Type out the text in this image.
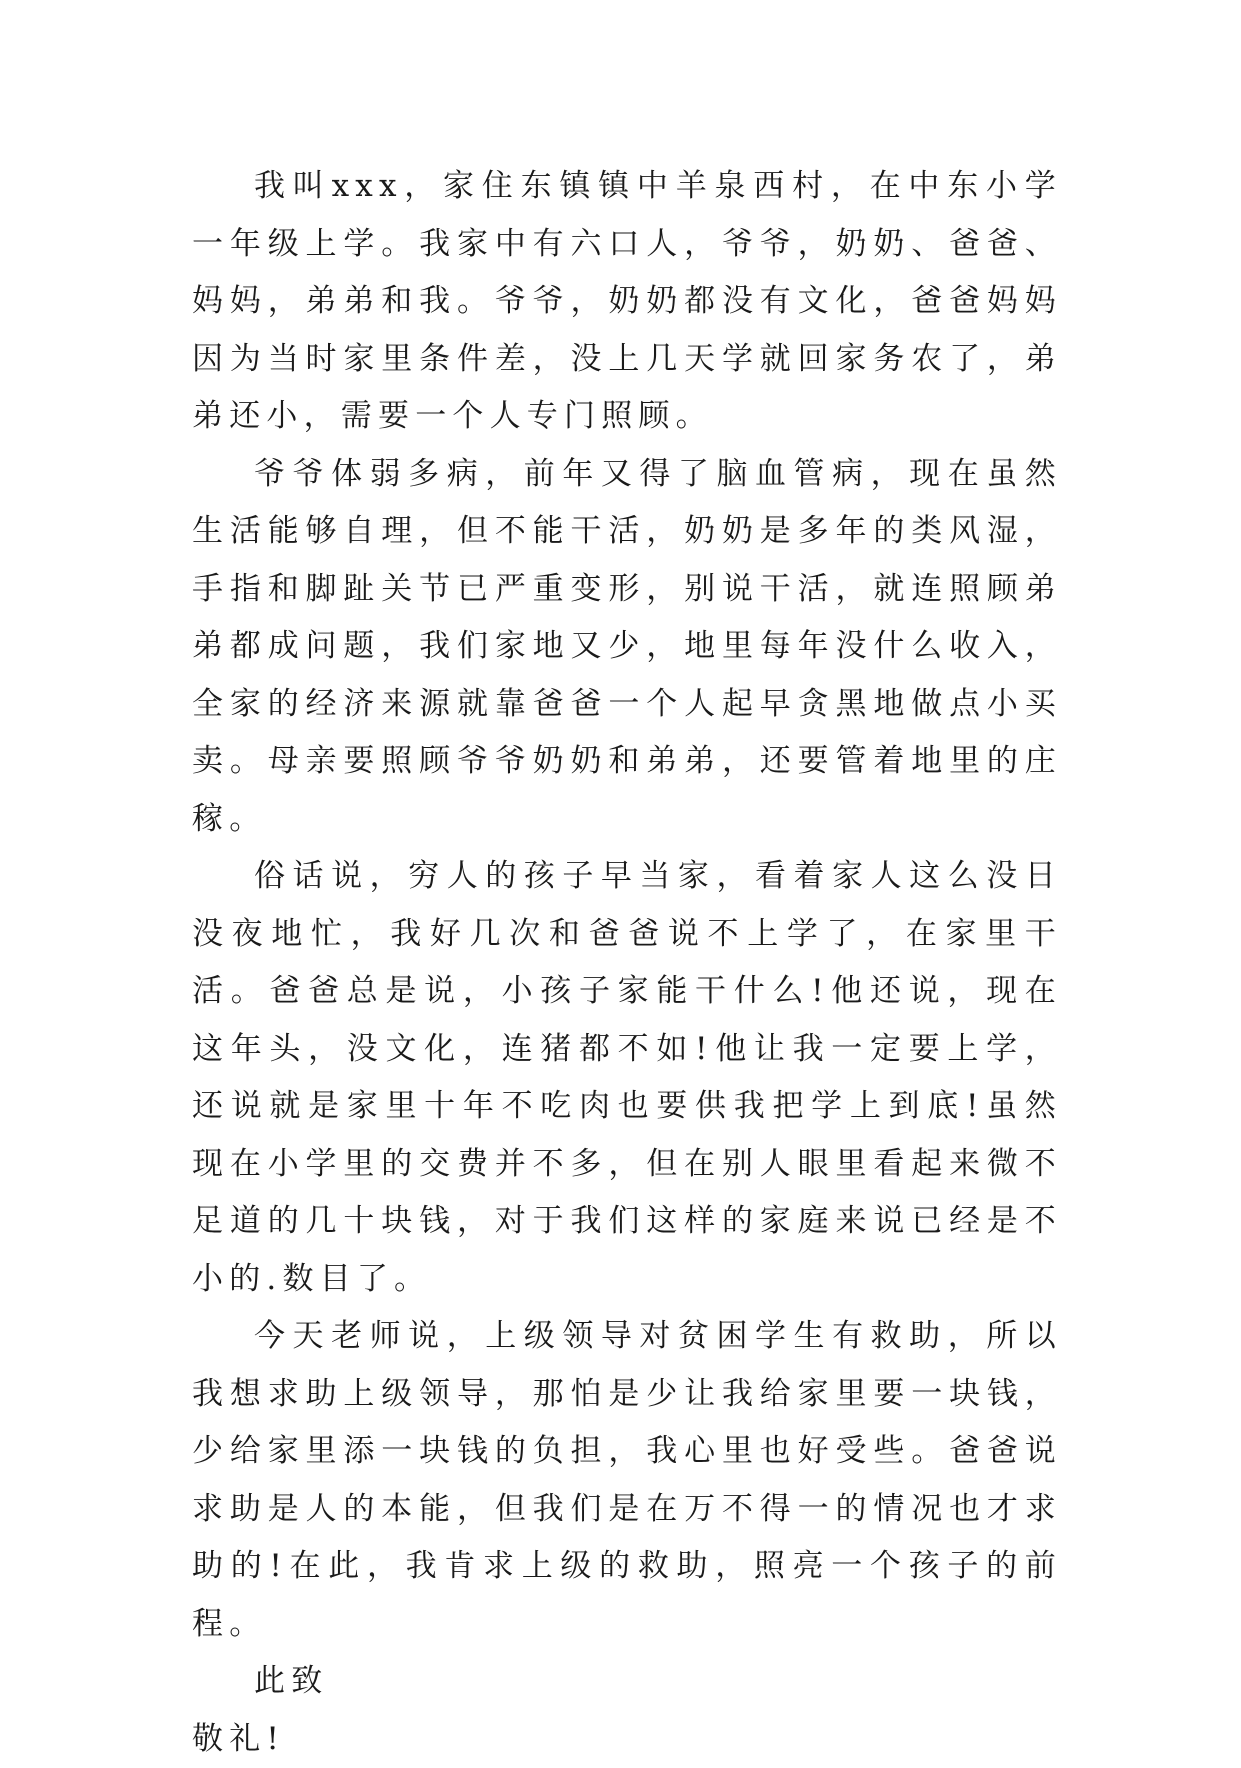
我叫xxx，家住东镇镇中羊泉西村，在中东小学一年级上学。我家中有六口人，爷爷，奶奶、爸爸、妈妈，弟弟和我。爷爷，奶奶都没有文化，爸爸妈妈因为当时家里条件差，没上几天学就回家务农了，弟弟还小，需要一个人专门照顾。

爷爷体弱多病，前年又得了脑血管病，现在虽然生活能够自理，但不能干活，奶奶是多年的类风湿，手指和脚趾关节已严重变形，别说干活，就连照顾弟弟都成问题，我们家地又少，地里每年没什么收入，全家的经济来源就靠爸爸一个人起早贪黑地做点小买卖。母亲要照顾爷爷奶奶和弟弟，还要管着地里的庄稼。

俗话说，穷人的孩子早当家，看着家人这么没日没夜地忙，我好几次和爸爸说不上学了，在家里干活。爸爸总是说，小孩子家能干什么!他还说，现在这年头，没文化，连猪都不如!他让我一定要上学，还说就是家里十年不吃肉也要供我把学上到底!虽然现在小学里的交费并不多，但在别人眼里看起来微不足道的几十块钱，对于我们这样的家庭来说已经是不小的.数目了。

今天老师说，上级领导对贫困学生有救助，所以我想求助上级领导，那怕是少让我给家里要一块钱，少给家里添一块钱的负担，我心里也好受些。爸爸说求助是人的本能，但我们是在万不得一的情况也才求助的!在此，我肯求上级的救助，照亮一个孩子的前程。

此致

敬礼!
